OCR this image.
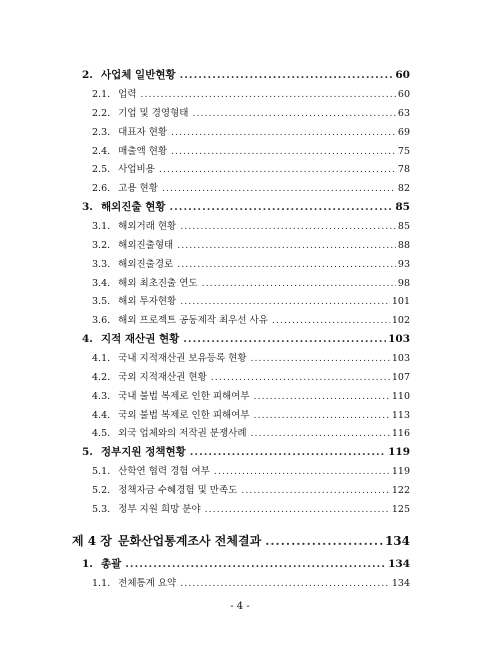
2. 사업체 일반현황 .....	60
2.1. 업력 .....	60
2.2. 기업 및 경영형태 .....	63
2.3. 대표자 현황 .....	69
2.4. 매출액 현황 .....	75
2.5. 사업비용 .....	78
2.6. 고용 현황 .....	82
3. 해외진출 현황 .....	85
3.1. 해외거래 현황 .....	85
3.2. 해외진출형태 .....	88
3.3. 해외진출경로 .....	93
3.4. 해외 최초진출 연도 .....	98
3.5. 해외 투자현황 .....	101
3.6. 해외 프로젝트 공동제작 최우선 사유 .....	102
4. 지적 재산권 현황 .....	103
4.1. 국내 지적재산권 보유등록 현황 .....	103
4.2. 국외 지적재산권 현황 .....	107
4.3. 국내 불법 복제로 인한 피해여부 .....	110
4.4. 국외 불법 복제로 인한 피해여부 .....	113
4.5. 외국 업체와의 저작권 분쟁사례 .....	116
5. 정부지원 정책현황 .....	119
5.1. 산학연 협력 경험 여부 .....	119
5.2. 정책자금 수혜경험 및 만족도 .....	122
5.3. 정부 지원 희망 분야 .....	125
제 4 장 문화산업통계조사 전체결과 .....	134
1. 총괄 .....	134
1.1. 전체통계 요약 .....	134
- 4 -
